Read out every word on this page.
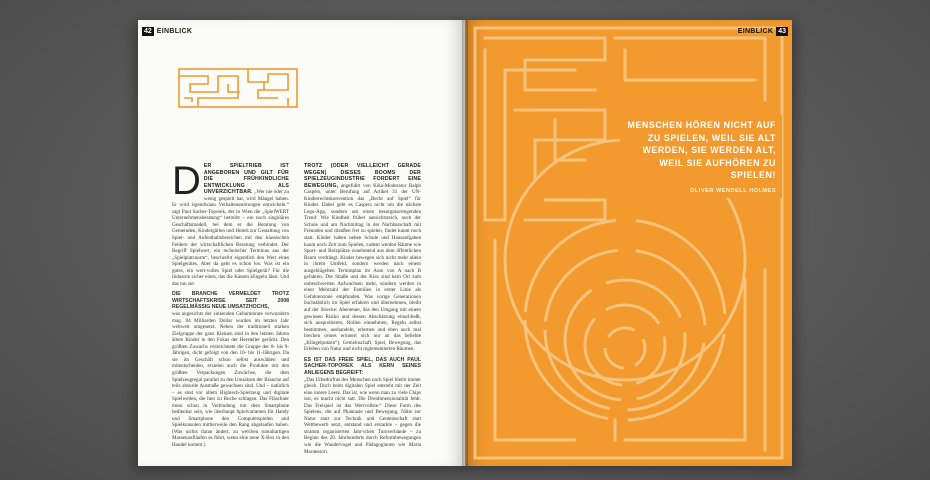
42 EINBLICK
D ER SPIELTRIEB IST ANGEBOREN UND GILT FÜR DIE FRÜHKINDLICHE ENTWICKLUNG ALS UNVERZICHTBAR. „Wer nie oder zu wenig gespielt hat, wird Mängel haben. Er wird irgendwann Verhaltensstörungen entwickeln.“ sagt Paul Sacher-Toporek, der in Wien die „SpielWERT Unternehmensberatung“ betreibt – ein noch singuläres Geschäftsmodell, bei dem er die Beratung von Gemeinden, Kindergärten und Hotels zur Gestaltung von Spiel- und Aufenthaltsbereichen mit den klassischen Feldern der wirtschaftlichen Beratung verbindet. Der Begriff Spielwert, ein technischer Terminus aus der „Spielplatznorm“, beschreibt eigentlich den Wert eines Spielgerätes. Aber da geht es schon los: Was ist ein gutes, ein wert-volles Spiel oder Spielgerät? Für die Industrie sicher eines, das die Kassen klingeln lässt. Und das tun sie:
DIE BRANCHE VERMELDET TROTZ WIRTSCHAFTSKRISE SEIT 2008 REGELMÄSSIG NEUE UMSATZHOCHS,
was angesichts der sinkenden Geburtenrate verwundern mag. 84 Milliarden Dollar wurden im letzten Jahr weltweit umgesetzt. Neben der traditionell starken Zielgruppe der ganz Kleinen sind in den letzten Jahren ältere Kinder in den Fokus der Hersteller gerückt. Den größten Zuwachs verzeichnete die Gruppe der 8- bis 9-Jährigen, dicht gefolgt von den 10- bis 11-Jährigen. Da sie im Geschäft schon selbst auswählen und mitentscheiden, erzielen auch die Produkte mit den größten Verpackungen Zuwächse, die dem Spielzeugregal parallel zu den Umsätzen der Branche auf teils absurde Ausmaße gewachsen sind. Und – natürlich – es sind vor allem Hightech-Spielzeug und digitale Spielwelten, die hier zu Buche schlagen. Das Fläschner muss schon in Verbindung mit dem Smartphone bedienbar sein, wie überhaupt Spielvarianten für Handy und Smartphone den Computerspielen und Spielkonsolen mittlerweile den Rang abgelaufen haben. (Was nichts daran ändert, zu welchen tumultartigen Massenaufläufen es führt, wenn eine neue X-Box in den Handel kommt.)
TROTZ (ODER VIELLEICHT GERADE WEGEN) DIESES BOOMS DER SPIELZEUGINDUSTRIE FORDERT EINE BEWEGUNG, angeführt von Kika-Moderator Ralph Caspers, unter Berufung auf Artikel 31 der UN-Kinderrechtskonvention das „Recht auf Spiel“ für Kinder. Dabei geht es Caspers nicht um die nächste Lego-App, sondern um einen besorgniserregenden Trend: Wie Kindheit früher aussichtsreich, noch der Schule und am Nachmittag in der Nachbarschaft mit Freunden und draußen frei zu spielen, findet kaum noch statt. Kinder haben neben Schule und Hausaufgaben kaum noch Zeit zum Spielen, zudem werden Räume wie Sport- und Bolzplätze zunehmend aus dem öffentlichen Raum verdrängt. Kinder bewegen sich nicht mehr allein in ihrem Umfeld, sondern werden nach einem ausgeklügelten Terminplan im Auto von A nach B gefahren. Die Straße und der Kiez sind kein Ort zum unbeschwerten Aufwachsen mehr, sondern werden in einer Mehrzahl der Familien in erster Linie als Gefahrenzone empfunden. Was vorige Generationen buchstäblich im Spiel erfahren und übernehmen, bleibt auf der Strecke: Abenteuer, das den Umgang mit einem gewissen Risiko und dessen Abschätzung einschließt, sich ausprobieren, Rollen einnehmen, Regeln selbst bestimmen, aushandeln, erlernen und eben auch mal brechen (eines erinnert sich nur an das beliebte „Klingelputzen“), Gemeinschaft, Spiel, Bewegung, das Erleben von Natur und nicht reglementierten Räumen.
ES IST DAS FREIE SPIEL, DAS AUCH PAUL SACHER-TOPOREK ALS KERN SEINES ANLIEGENS BEGREIFT:
„Das Urbedürfnis des Menschen nach Spiel bleibt immer gleich. Doch beim digitalen Spiel entsteht mir der Zeit eine innere Leere. Das ist, wie wenn man zu viele Chips isst, es macht nicht satt. Die Dreidimensionalität fehlt. Das Freispiel ist das Wertvollste.“ Diese Form des Spielens, die auf Phantasie und Bewegung, Nähe zur Natur statt zur Technik und Gemeinschaft statt Wettbewerb setzt, entstand und erstarkte – gegen die stramm organisierten Jahr-ichen Turnverbände – zu Beginn des 20. Jahrhunderts durch Reformbewegungen wie die Wandervogel und Pädagoginnen wie Maria Montessori.
EINBLICK 43
MENSCHEN HÖREN NICHT AUF ZU SPIELEN, WEIL SIE ALT WERDEN, SIE WERDEN ALT, WEIL SIE AUFHÖREN ZU SPIELEN!
OLIVER WENDELL HOLMES
